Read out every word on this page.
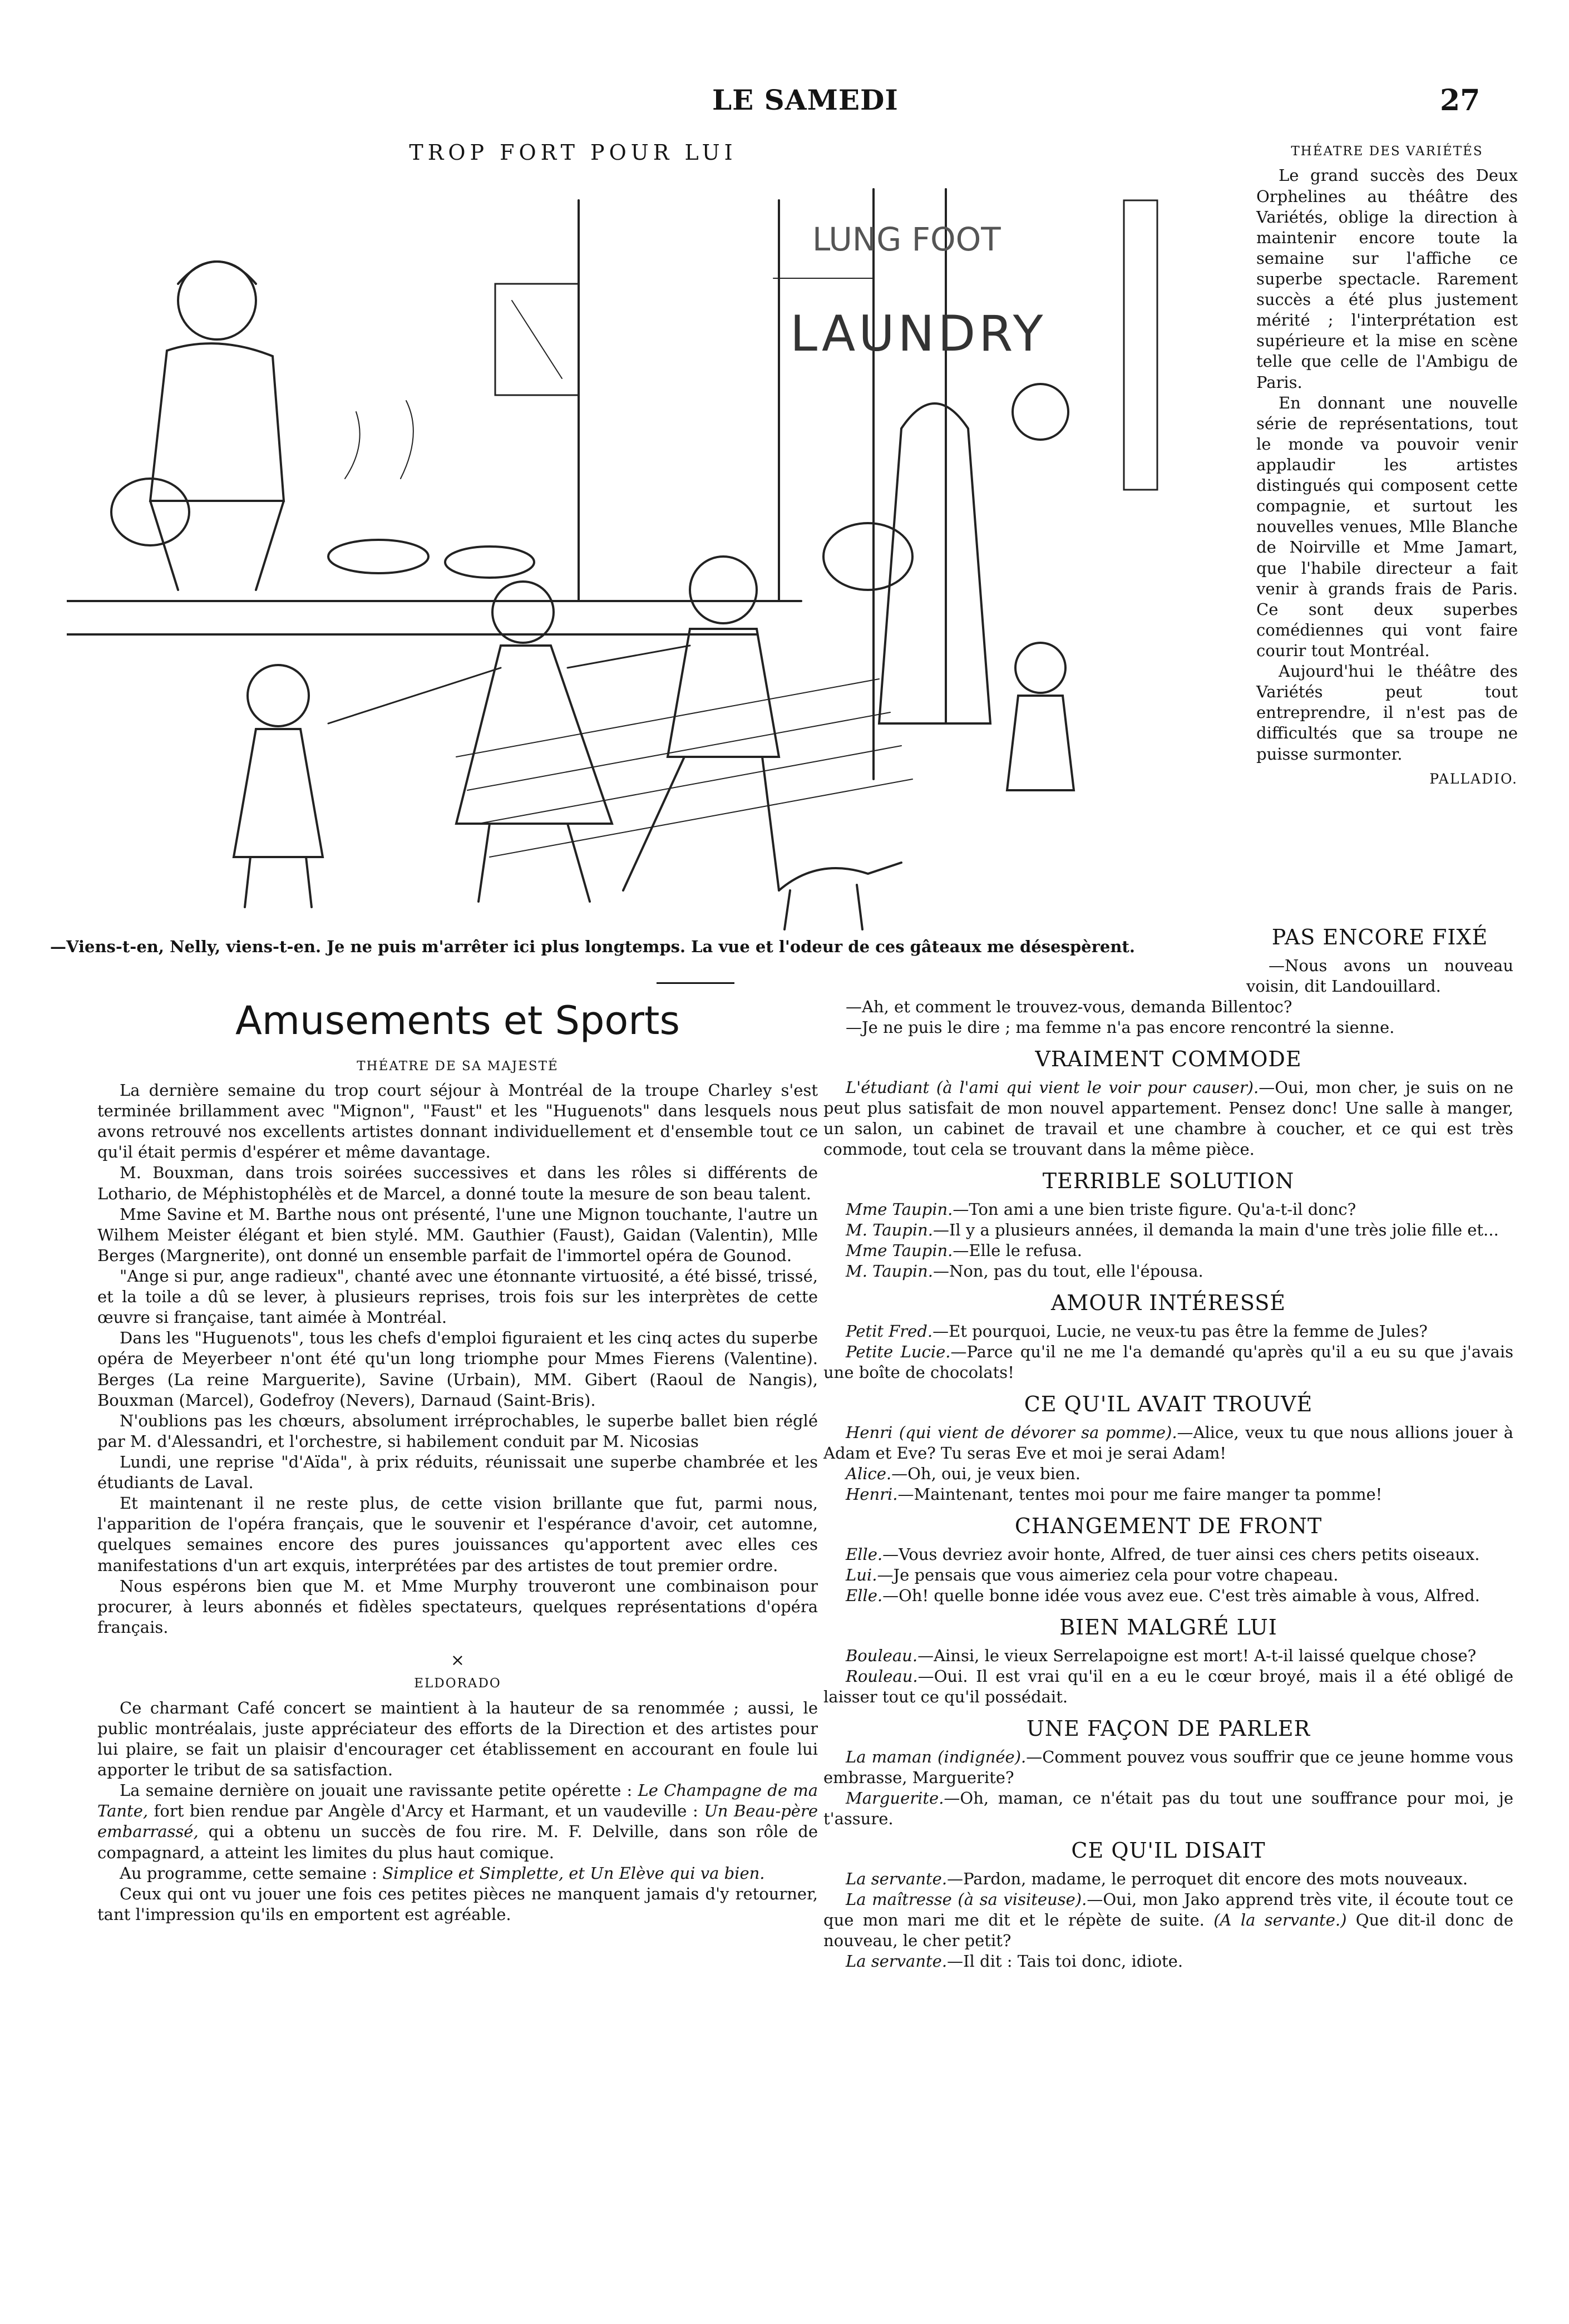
LE SAMEDI	27
TROP FORT POUR LUI
LUNG FOOT
LAUNDRY
—Viens-t-en, Nelly, viens-t-en. Je ne puis m'arrêter ici plus longtemps. La vue et l'odeur de ces gâteaux me désespèrent.
THÉATRE DES VARIÉTÉS

Le grand succès des Deux Orphelines au théâtre des Variétés, oblige la direction à maintenir encore toute la semaine sur l'affiche ce superbe spectacle. Rarement succès a été plus justement mérité ; l'interprétation est supérieure et la mise en scène telle que celle de l'Ambigu de Paris.

En donnant une nouvelle série de représentations, tout le monde va pouvoir venir applaudir les artistes distingués qui composent cette compagnie, et surtout les nouvelles venues, Mlle Blanche de Noirville et Mme Jamart, que l'habile directeur a fait venir à grands frais de Paris. Ce sont deux superbes comédiennes qui vont faire courir tout Montréal.

Aujourd'hui le théâtre des Variétés peut tout entreprendre, il n'est pas de difficultés que sa troupe ne puisse surmonter.

PALLADIO.
PAS ENCORE FIXÉ

—Nous avons un nouveau voisin, dit Landouillard.

—Ah, et comment le trouvez-vous, demanda Billentoc?

—Je ne puis le dire ; ma femme n'a pas encore rencontré la sienne.

VRAIMENT COMMODE

L'étudiant (à l'ami qui vient le voir pour causer).—Oui, mon cher, je suis on ne peut plus satisfait de mon nouvel appartement. Pensez donc! Une salle à manger, un salon, un cabinet de travail et une chambre à coucher, et ce qui est très commode, tout cela se trouvant dans la même pièce.

TERRIBLE SOLUTION

Mme Taupin.—Ton ami a une bien triste figure. Qu'a-t-il donc?

M. Taupin.—Il y a plusieurs années, il demanda la main d'une très jolie fille et...

Mme Taupin.—Elle le refusa.

M. Taupin.—Non, pas du tout, elle l'épousa.

AMOUR INTÉRESSÉ

Petit Fred.—Et pourquoi, Lucie, ne veux-tu pas être la femme de Jules?

Petite Lucie.—Parce qu'il ne me l'a demandé qu'après qu'il a eu su que j'avais une boîte de chocolats!

CE QU'IL AVAIT TROUVÉ

Henri (qui vient de dévorer sa pomme).—Alice, veux tu que nous allions jouer à Adam et Eve? Tu seras Eve et moi je serai Adam!

Alice.—Oh, oui, je veux bien.

Henri.—Maintenant, tentes moi pour me faire manger ta pomme!

CHANGEMENT DE FRONT

Elle.—Vous devriez avoir honte, Alfred, de tuer ainsi ces chers petits oiseaux.

Lui.—Je pensais que vous aimeriez cela pour votre chapeau.

Elle.—Oh! quelle bonne idée vous avez eue. C'est très aimable à vous, Alfred.

BIEN MALGRÉ LUI

Bouleau.—Ainsi, le vieux Serrelapoigne est mort! A-t-il laissé quelque chose?

Rouleau.—Oui. Il est vrai qu'il en a eu le cœur broyé, mais il a été obligé de laisser tout ce qu'il possédait.

UNE FAÇON DE PARLER

La maman (indignée).—Comment pouvez vous souffrir que ce jeune homme vous embrasse, Marguerite?

Marguerite.—Oh, maman, ce n'était pas du tout une souffrance pour moi, je t'assure.

CE QU'IL DISAIT

La servante.—Pardon, madame, le perroquet dit encore des mots nouveaux.

La maîtresse (à sa visiteuse).—Oui, mon Jako apprend très vite, il écoute tout ce que mon mari me dit et le répète de suite. (A la servante.) Que dit-il donc de nouveau, le cher petit?

La servante.—Il dit : Tais toi donc, idiote.

Amusements et Sports
THÉATRE DE SA MAJESTÉ

La dernière semaine du trop court séjour à Montréal de la troupe Charley s'est terminée brillamment avec "Mignon", "Faust" et les "Huguenots" dans lesquels nous avons retrouvé nos excellents artistes donnant individuellement et d'ensemble tout ce qu'il était permis d'espérer et même davantage.

M. Bouxman, dans trois soirées successives et dans les rôles si différents de Lothario, de Méphistophélès et de Marcel, a donné toute la mesure de son beau talent.

Mme Savine et M. Barthe nous ont présenté, l'une une Mignon touchante, l'autre un Wilhem Meister élégant et bien stylé. MM. Gauthier (Faust), Gaidan (Valentin), Mlle Berges (Margnerite), ont donné un ensemble parfait de l'immortel opéra de Gounod.

"Ange si pur, ange radieux", chanté avec une étonnante virtuosité, a été bissé, trissé, et la toile a dû se lever, à plusieurs reprises, trois fois sur les interprètes de cette œuvre si française, tant aimée à Montréal.

Dans les "Huguenots", tous les chefs d'emploi figuraient et les cinq actes du superbe opéra de Meyerbeer n'ont été qu'un long triomphe pour Mmes Fierens (Valentine). Berges (La reine Marguerite), Savine (Urbain), MM. Gibert (Raoul de Nangis), Bouxman (Marcel), Godefroy (Nevers), Darnaud (Saint-Bris).

N'oublions pas les chœurs, absolument irréprochables, le superbe ballet bien réglé par M. d'Alessandri, et l'orchestre, si habilement conduit par M. Nicosias

Lundi, une reprise "d'Aïda", à prix réduits, réunissait une superbe chambrée et les étudiants de Laval.

Et maintenant il ne reste plus, de cette vision brillante que fut, parmi nous, l'apparition de l'opéra français, que le souvenir et l'espérance d'avoir, cet automne, quelques semaines encore des pures jouissances qu'apportent avec elles ces manifestations d'un art exquis, interprétées par des artistes de tout premier ordre.

Nous espérons bien que M. et Mme Murphy trouveront une combinaison pour procurer, à leurs abonnés et fidèles spectateurs, quelques représentations d'opéra français.

×
ELDORADO

Ce charmant Café concert se maintient à la hauteur de sa renommée ; aussi, le public montréalais, juste appréciateur des efforts de la Direction et des artistes pour lui plaire, se fait un plaisir d'encourager cet établissement en accourant en foule lui apporter le tribut de sa satisfaction.

La semaine dernière on jouait une ravissante petite opérette : Le Champagne de ma Tante, fort bien rendue par Angèle d'Arcy et Harmant, et un vaudeville : Un Beau-père embarrassé, qui a obtenu un succès de fou rire. M. F. Delville, dans son rôle de compagnard, a atteint les limites du plus haut comique.

Au programme, cette semaine : Simplice et Simplette, et Un Elève qui va bien.

Ceux qui ont vu jouer une fois ces petites pièces ne manquent jamais d'y retourner, tant l'impression qu'ils en emportent est agréable.
